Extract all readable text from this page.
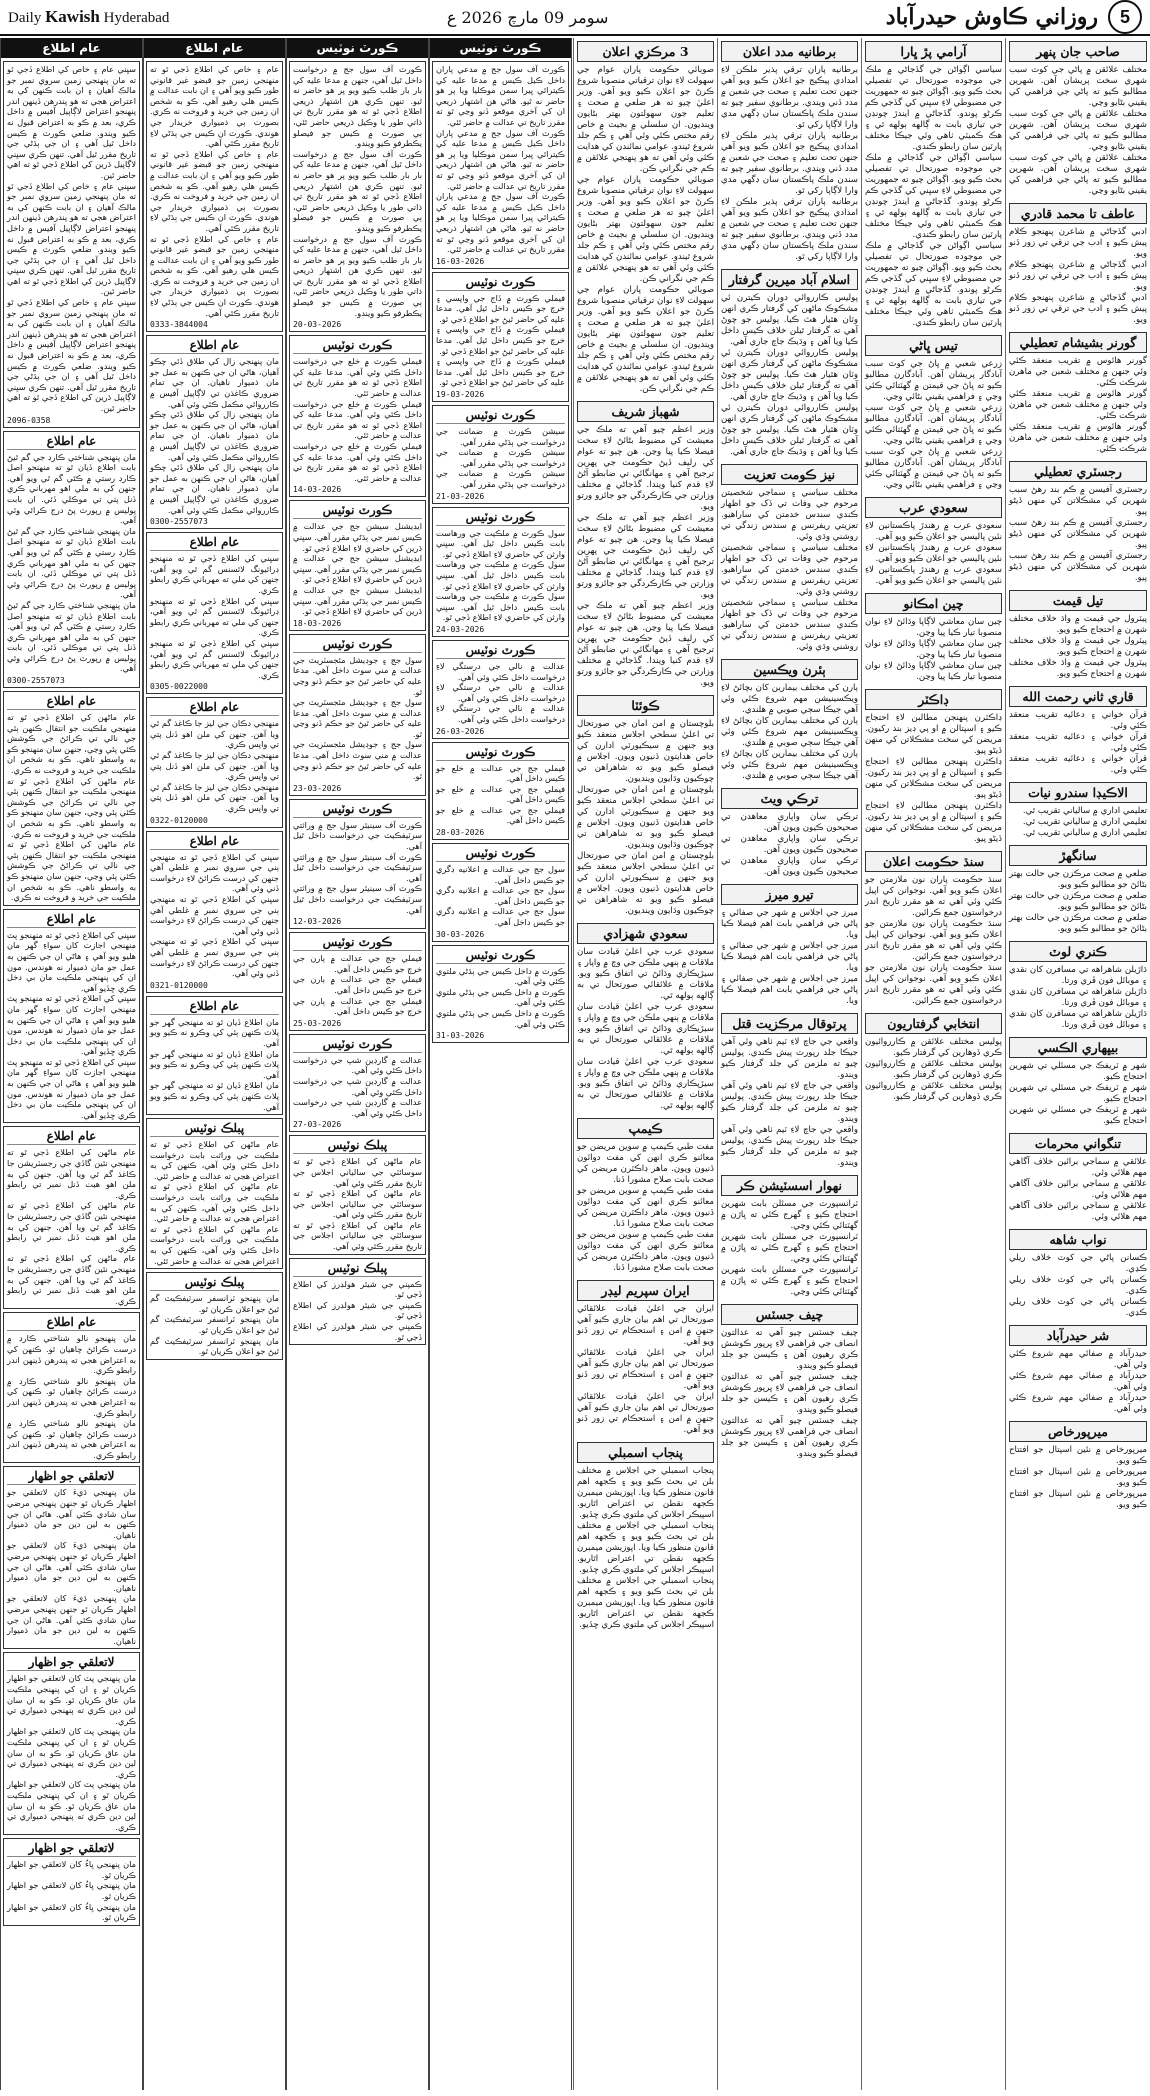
Daily Kawish Hyderabad	سومر 09 مارچ 2026 ع	5
روزاني ڪاوش حيدرآباد
عام اطلاع

سڀني عام ۽ خاص کي اطلاع ڏجي ٿو ته مان پنهنجي زمين سروي نمبر جو مالڪ آهيان ۽ ان بابت ڪنهن کي به اعتراض هجي ته هو پندرهن ڏينهن اندر پنهنجو اعتراض لاڳاپيل آفيس ۾ داخل ڪري، بعد ۾ ڪو به اعتراض قبول نه ڪيو ويندو. ضلعي ڪورٽ ۾ ڪيس داخل ٿيل آهي ۽ ان جي ٻڌڻي جي تاريخ مقرر ٿيل آهي. تنهن ڪري سڀني لاڳاپيل ڌرين کي اطلاع ڏجي ٿو ته اهي حاضر ٿين.

سڀني عام ۽ خاص کي اطلاع ڏجي ٿو ته مان پنهنجي زمين سروي نمبر جو مالڪ آهيان ۽ ان بابت ڪنهن کي به اعتراض هجي ته هو پندرهن ڏينهن اندر پنهنجو اعتراض لاڳاپيل آفيس ۾ داخل ڪري، بعد ۾ ڪو به اعتراض قبول نه ڪيو ويندو. ضلعي ڪورٽ ۾ ڪيس داخل ٿيل آهي ۽ ان جي ٻڌڻي جي تاريخ مقرر ٿيل آهي. تنهن ڪري سڀني لاڳاپيل ڌرين کي اطلاع ڏجي ٿو ته اهي حاضر ٿين.

سڀني عام ۽ خاص کي اطلاع ڏجي ٿو ته مان پنهنجي زمين سروي نمبر جو مالڪ آهيان ۽ ان بابت ڪنهن کي به اعتراض هجي ته هو پندرهن ڏينهن اندر پنهنجو اعتراض لاڳاپيل آفيس ۾ داخل ڪري، بعد ۾ ڪو به اعتراض قبول نه ڪيو ويندو. ضلعي ڪورٽ ۾ ڪيس داخل ٿيل آهي ۽ ان جي ٻڌڻي جي تاريخ مقرر ٿيل آهي. تنهن ڪري سڀني لاڳاپيل ڌرين کي اطلاع ڏجي ٿو ته اهي حاضر ٿين.

2096-0358
عام اطلاع

مان پنهنجي شناختي ڪارڊ جي گم ٿيڻ بابت اطلاع ڏيان ٿو ته منهنجو اصل ڪارڊ رستي ۾ ڪٿي گم ٿي ويو آهي. جنهن کي به ملي اهو مهرباني ڪري ڏنل پتي تي موڪلي ڏئي. ان بابت پوليس ۾ رپورٽ پڻ درج ڪرائي وئي آهي.

مان پنهنجي شناختي ڪارڊ جي گم ٿيڻ بابت اطلاع ڏيان ٿو ته منهنجو اصل ڪارڊ رستي ۾ ڪٿي گم ٿي ويو آهي. جنهن کي به ملي اهو مهرباني ڪري ڏنل پتي تي موڪلي ڏئي. ان بابت پوليس ۾ رپورٽ پڻ درج ڪرائي وئي آهي.

مان پنهنجي شناختي ڪارڊ جي گم ٿيڻ بابت اطلاع ڏيان ٿو ته منهنجو اصل ڪارڊ رستي ۾ ڪٿي گم ٿي ويو آهي. جنهن کي به ملي اهو مهرباني ڪري ڏنل پتي تي موڪلي ڏئي. ان بابت پوليس ۾ رپورٽ پڻ درج ڪرائي وئي آهي.

0300-2557073
عام اطلاع

عام ماڻهن کي اطلاع ڏجي ٿو ته منهنجي ملڪيت جو انتقال ڪنهن ٻئي جي نالي تي ڪرائڻ جي ڪوشش ڪئي پئي وڃي، جنهن سان منهنجو ڪو به واسطو ناهي. ڪو به شخص ان ملڪيت جي خريد و فروخت نه ڪري.

عام ماڻهن کي اطلاع ڏجي ٿو ته منهنجي ملڪيت جو انتقال ڪنهن ٻئي جي نالي تي ڪرائڻ جي ڪوشش ڪئي پئي وڃي، جنهن سان منهنجو ڪو به واسطو ناهي. ڪو به شخص ان ملڪيت جي خريد و فروخت نه ڪري.

عام ماڻهن کي اطلاع ڏجي ٿو ته منهنجي ملڪيت جو انتقال ڪنهن ٻئي جي نالي تي ڪرائڻ جي ڪوشش ڪئي پئي وڃي، جنهن سان منهنجو ڪو به واسطو ناهي. ڪو به شخص ان ملڪيت جي خريد و فروخت نه ڪري.

عام اطلاع

سڀني کي اطلاع ڏجي ٿو ته منهنجو پٽ منهنجي اجازت کان سواءِ گهر مان هليو ويو آهي ۽ هاڻي ان جي ڪنهن به عمل جو مان ذميوار نه هوندس. مون ان کي پنهنجي ملڪيت مان بي دخل ڪري ڇڏيو آهي.

سڀني کي اطلاع ڏجي ٿو ته منهنجو پٽ منهنجي اجازت کان سواءِ گهر مان هليو ويو آهي ۽ هاڻي ان جي ڪنهن به عمل جو مان ذميوار نه هوندس. مون ان کي پنهنجي ملڪيت مان بي دخل ڪري ڇڏيو آهي.

سڀني کي اطلاع ڏجي ٿو ته منهنجو پٽ منهنجي اجازت کان سواءِ گهر مان هليو ويو آهي ۽ هاڻي ان جي ڪنهن به عمل جو مان ذميوار نه هوندس. مون ان کي پنهنجي ملڪيت مان بي دخل ڪري ڇڏيو آهي.

عام اطلاع

عام ماڻهن کي اطلاع ڏجي ٿو ته منهنجي نئين گاڏي جي رجسٽريشن جا ڪاغذ گم ٿي ويا آهن. جنهن کي به ملن اهو هيٺ ڏنل نمبر تي رابطو ڪري.

عام ماڻهن کي اطلاع ڏجي ٿو ته منهنجي نئين گاڏي جي رجسٽريشن جا ڪاغذ گم ٿي ويا آهن. جنهن کي به ملن اهو هيٺ ڏنل نمبر تي رابطو ڪري.

عام ماڻهن کي اطلاع ڏجي ٿو ته منهنجي نئين گاڏي جي رجسٽريشن جا ڪاغذ گم ٿي ويا آهن. جنهن کي به ملن اهو هيٺ ڏنل نمبر تي رابطو ڪري.

عام اطلاع

مان پنهنجو نالو شناختي ڪارڊ ۾ درست ڪرائڻ چاهيان ٿو. ڪنهن کي به اعتراض هجي ته پندرهن ڏينهن اندر رابطو ڪري.

مان پنهنجو نالو شناختي ڪارڊ ۾ درست ڪرائڻ چاهيان ٿو. ڪنهن کي به اعتراض هجي ته پندرهن ڏينهن اندر رابطو ڪري.

مان پنهنجو نالو شناختي ڪارڊ ۾ درست ڪرائڻ چاهيان ٿو. ڪنهن کي به اعتراض هجي ته پندرهن ڏينهن اندر رابطو ڪري.

لاتعلقي جو اظهار

مان پنهنجي ڌيءَ کان لاتعلقي جو اظهار ڪريان ٿو جنهن پنهنجي مرضي سان شادي ڪئي آهي. هاڻي ان جي ڪنهن به لين دين جو مان ذميوار ناهيان.

مان پنهنجي ڌيءَ کان لاتعلقي جو اظهار ڪريان ٿو جنهن پنهنجي مرضي سان شادي ڪئي آهي. هاڻي ان جي ڪنهن به لين دين جو مان ذميوار ناهيان.

مان پنهنجي ڌيءَ کان لاتعلقي جو اظهار ڪريان ٿو جنهن پنهنجي مرضي سان شادي ڪئي آهي. هاڻي ان جي ڪنهن به لين دين جو مان ذميوار ناهيان.

لاتعلقي جو اظهار

مان پنهنجي پٽ کان لاتعلقي جو اظهار ڪريان ٿو ۽ ان کي پنهنجي ملڪيت مان عاق ڪريان ٿو. ڪو به ان سان لين دين ڪري ته پنهنجي ذميواري تي ڪري.

مان پنهنجي پٽ کان لاتعلقي جو اظهار ڪريان ٿو ۽ ان کي پنهنجي ملڪيت مان عاق ڪريان ٿو. ڪو به ان سان لين دين ڪري ته پنهنجي ذميواري تي ڪري.

مان پنهنجي پٽ کان لاتعلقي جو اظهار ڪريان ٿو ۽ ان کي پنهنجي ملڪيت مان عاق ڪريان ٿو. ڪو به ان سان لين دين ڪري ته پنهنجي ذميواري تي ڪري.

لاتعلقي جو اظهار

مان پنهنجي ڀاءُ کان لاتعلقي جو اظهار ڪريان ٿو.

مان پنهنجي ڀاءُ کان لاتعلقي جو اظهار ڪريان ٿو.

مان پنهنجي ڀاءُ کان لاتعلقي جو اظهار ڪريان ٿو.

عام اطلاع

عام ۽ خاص کي اطلاع ڏجي ٿو ته منهنجي زمين جو قبضو غير قانوني طور ڪيو ويو آهي ۽ ان بابت عدالت ۾ ڪيس هلي رهيو آهي. ڪو به شخص ان زمين جي خريد و فروخت نه ڪري. بصورت ٻي ذميواري خريدار جي هوندي. ڪورٽ ان ڪيس جي ٻڌڻي لاءِ تاريخ مقرر ڪئي آهي.

عام ۽ خاص کي اطلاع ڏجي ٿو ته منهنجي زمين جو قبضو غير قانوني طور ڪيو ويو آهي ۽ ان بابت عدالت ۾ ڪيس هلي رهيو آهي. ڪو به شخص ان زمين جي خريد و فروخت نه ڪري. بصورت ٻي ذميواري خريدار جي هوندي. ڪورٽ ان ڪيس جي ٻڌڻي لاءِ تاريخ مقرر ڪئي آهي.

عام ۽ خاص کي اطلاع ڏجي ٿو ته منهنجي زمين جو قبضو غير قانوني طور ڪيو ويو آهي ۽ ان بابت عدالت ۾ ڪيس هلي رهيو آهي. ڪو به شخص ان زمين جي خريد و فروخت نه ڪري. بصورت ٻي ذميواري خريدار جي هوندي. ڪورٽ ان ڪيس جي ٻڌڻي لاءِ تاريخ مقرر ڪئي آهي.

0333-3844004
عام اطلاع

مان پنهنجي زال کي طلاق ڏئي چڪو آهيان، هاڻي ان جي ڪنهن به عمل جو مان ذميوار ناهيان. ان جي تمام ضروري ڪاغذن تي لاڳاپيل آفيس ۾ ڪارروائي مڪمل ڪئي وئي آهي.

مان پنهنجي زال کي طلاق ڏئي چڪو آهيان، هاڻي ان جي ڪنهن به عمل جو مان ذميوار ناهيان. ان جي تمام ضروري ڪاغذن تي لاڳاپيل آفيس ۾ ڪارروائي مڪمل ڪئي وئي آهي.

مان پنهنجي زال کي طلاق ڏئي چڪو آهيان، هاڻي ان جي ڪنهن به عمل جو مان ذميوار ناهيان. ان جي تمام ضروري ڪاغذن تي لاڳاپيل آفيس ۾ ڪارروائي مڪمل ڪئي وئي آهي.

0300-2557073
عام اطلاع

سڀني کي اطلاع ڏجي ٿو ته منهنجو ڊرائيونگ لائسنس گم ٿي ويو آهي، جنهن کي ملي ته مهرباني ڪري رابطو ڪري.

سڀني کي اطلاع ڏجي ٿو ته منهنجو ڊرائيونگ لائسنس گم ٿي ويو آهي، جنهن کي ملي ته مهرباني ڪري رابطو ڪري.

سڀني کي اطلاع ڏجي ٿو ته منهنجو ڊرائيونگ لائسنس گم ٿي ويو آهي، جنهن کي ملي ته مهرباني ڪري رابطو ڪري.

0305-0022000
عام اطلاع

منهنجي دڪان جي ليز جا ڪاغذ گم ٿي ويا آهن. جنهن کي ملن اهو ڏنل پتي تي واپس ڪري.

منهنجي دڪان جي ليز جا ڪاغذ گم ٿي ويا آهن. جنهن کي ملن اهو ڏنل پتي تي واپس ڪري.

منهنجي دڪان جي ليز جا ڪاغذ گم ٿي ويا آهن. جنهن کي ملن اهو ڏنل پتي تي واپس ڪري.

0322-0120000
عام اطلاع

سڀني کي اطلاع ڏجي ٿو ته منهنجي ٻني جي سروي نمبر ۾ غلطي آهي جنهن کي درست ڪرائڻ لاءِ درخواست ڏني وئي آهي.

سڀني کي اطلاع ڏجي ٿو ته منهنجي ٻني جي سروي نمبر ۾ غلطي آهي جنهن کي درست ڪرائڻ لاءِ درخواست ڏني وئي آهي.

سڀني کي اطلاع ڏجي ٿو ته منهنجي ٻني جي سروي نمبر ۾ غلطي آهي جنهن کي درست ڪرائڻ لاءِ درخواست ڏني وئي آهي.

0321-0120000
عام اطلاع

مان اطلاع ڏيان ٿو ته منهنجي گهر جو پلاٽ ڪنهن ٻئي کي وڪرو نه ڪيو ويو آهي.

مان اطلاع ڏيان ٿو ته منهنجي گهر جو پلاٽ ڪنهن ٻئي کي وڪرو نه ڪيو ويو آهي.

مان اطلاع ڏيان ٿو ته منهنجي گهر جو پلاٽ ڪنهن ٻئي کي وڪرو نه ڪيو ويو آهي.

پبلڪ نوٽيس

عام ماڻهن کي اطلاع ڏجي ٿو ته ملڪيت جي وراثت بابت درخواست داخل ڪئي وئي آهي، ڪنهن کي به اعتراض هجي ته عدالت ۾ حاضر ٿئي.

عام ماڻهن کي اطلاع ڏجي ٿو ته ملڪيت جي وراثت بابت درخواست داخل ڪئي وئي آهي، ڪنهن کي به اعتراض هجي ته عدالت ۾ حاضر ٿئي.

عام ماڻهن کي اطلاع ڏجي ٿو ته ملڪيت جي وراثت بابت درخواست داخل ڪئي وئي آهي، ڪنهن کي به اعتراض هجي ته عدالت ۾ حاضر ٿئي.

پبلڪ نوٽيس

مان پنهنجو ٽرانسفر سرٽيفڪيٽ گم ٿيڻ جو اعلان ڪريان ٿو.

مان پنهنجو ٽرانسفر سرٽيفڪيٽ گم ٿيڻ جو اعلان ڪريان ٿو.

مان پنهنجو ٽرانسفر سرٽيفڪيٽ گم ٿيڻ جو اعلان ڪريان ٿو.

ڪورٽ نوٽيس

ڪورٽ آف سول جج ۾ درخواست داخل ٿيل آهي، جنهن ۾ مدعا عليه کي بار بار طلب ڪيو ويو پر هو حاضر نه ٿيو. تنهن ڪري هن اشتهار ذريعي اطلاع ڏجي ٿو ته هو مقرر تاريخ تي ذاتي طور يا وڪيل ذريعي حاضر ٿئي، ٻي صورت ۾ ڪيس جو فيصلو يڪطرفو ڪيو ويندو.

ڪورٽ آف سول جج ۾ درخواست داخل ٿيل آهي، جنهن ۾ مدعا عليه کي بار بار طلب ڪيو ويو پر هو حاضر نه ٿيو. تنهن ڪري هن اشتهار ذريعي اطلاع ڏجي ٿو ته هو مقرر تاريخ تي ذاتي طور يا وڪيل ذريعي حاضر ٿئي، ٻي صورت ۾ ڪيس جو فيصلو يڪطرفو ڪيو ويندو.

ڪورٽ آف سول جج ۾ درخواست داخل ٿيل آهي، جنهن ۾ مدعا عليه کي بار بار طلب ڪيو ويو پر هو حاضر نه ٿيو. تنهن ڪري هن اشتهار ذريعي اطلاع ڏجي ٿو ته هو مقرر تاريخ تي ذاتي طور يا وڪيل ذريعي حاضر ٿئي، ٻي صورت ۾ ڪيس جو فيصلو يڪطرفو ڪيو ويندو.

20-03-2026
ڪورٽ نوٽيس

فيملي ڪورٽ ۾ خلع جي درخواست داخل ڪئي وئي آهي. مدعا عليه کي اطلاع ڏجي ٿو ته هو مقرر تاريخ تي عدالت ۾ حاضر ٿئي.

فيملي ڪورٽ ۾ خلع جي درخواست داخل ڪئي وئي آهي. مدعا عليه کي اطلاع ڏجي ٿو ته هو مقرر تاريخ تي عدالت ۾ حاضر ٿئي.

فيملي ڪورٽ ۾ خلع جي درخواست داخل ڪئي وئي آهي. مدعا عليه کي اطلاع ڏجي ٿو ته هو مقرر تاريخ تي عدالت ۾ حاضر ٿئي.

14-03-2026
ڪورٽ نوٽيس

ايڊيشنل سيشن جج جي عدالت ۾ ڪيس نمبر جي ٻڌڻي مقرر آهي. سڀني ڌرين کي حاضري لاءِ اطلاع ڏجي ٿو.

ايڊيشنل سيشن جج جي عدالت ۾ ڪيس نمبر جي ٻڌڻي مقرر آهي. سڀني ڌرين کي حاضري لاءِ اطلاع ڏجي ٿو.

ايڊيشنل سيشن جج جي عدالت ۾ ڪيس نمبر جي ٻڌڻي مقرر آهي. سڀني ڌرين کي حاضري لاءِ اطلاع ڏجي ٿو.

18-03-2026
ڪورٽ نوٽيس

سول جج ۽ جوڊيشل مئجسٽريٽ جي عدالت ۾ مني سوٽ داخل آهي. مدعا عليه کي حاضر ٿيڻ جو حڪم ڏنو وڃي ٿو.

سول جج ۽ جوڊيشل مئجسٽريٽ جي عدالت ۾ مني سوٽ داخل آهي. مدعا عليه کي حاضر ٿيڻ جو حڪم ڏنو وڃي ٿو.

سول جج ۽ جوڊيشل مئجسٽريٽ جي عدالت ۾ مني سوٽ داخل آهي. مدعا عليه کي حاضر ٿيڻ جو حڪم ڏنو وڃي ٿو.

23-03-2026
ڪورٽ نوٽيس

ڪورٽ آف سينيئر سول جج ۾ وراثتي سرٽيفڪيٽ جي درخواست داخل ٿيل آهي.

ڪورٽ آف سينيئر سول جج ۾ وراثتي سرٽيفڪيٽ جي درخواست داخل ٿيل آهي.

ڪورٽ آف سينيئر سول جج ۾ وراثتي سرٽيفڪيٽ جي درخواست داخل ٿيل آهي.

12-03-2026
ڪورٽ نوٽيس

فيملي جج جي عدالت ۾ ٻارن جي خرچ جو ڪيس داخل آهي.

فيملي جج جي عدالت ۾ ٻارن جي خرچ جو ڪيس داخل آهي.

فيملي جج جي عدالت ۾ ٻارن جي خرچ جو ڪيس داخل آهي.

25-03-2026
ڪورٽ نوٽيس

عدالت ۾ گارڊين شپ جي درخواست داخل ڪئي وئي آهي.

عدالت ۾ گارڊين شپ جي درخواست داخل ڪئي وئي آهي.

عدالت ۾ گارڊين شپ جي درخواست داخل ڪئي وئي آهي.

27-03-2026
پبلڪ نوٽيس

عام ماڻهن کي اطلاع ڏجي ٿو ته سوسائٽي جي سالياني اجلاس جي تاريخ مقرر ڪئي وئي آهي.

عام ماڻهن کي اطلاع ڏجي ٿو ته سوسائٽي جي سالياني اجلاس جي تاريخ مقرر ڪئي وئي آهي.

عام ماڻهن کي اطلاع ڏجي ٿو ته سوسائٽي جي سالياني اجلاس جي تاريخ مقرر ڪئي وئي آهي.

پبلڪ نوٽيس

ڪمپني جي شيئر هولڊرز کي اطلاع ڏجي ٿو.

ڪمپني جي شيئر هولڊرز کي اطلاع ڏجي ٿو.

ڪمپني جي شيئر هولڊرز کي اطلاع ڏجي ٿو.

ڪورٽ نوٽيس

ڪورٽ آف سول جج ۾ مدعي پاران داخل ڪيل ڪيس ۾ مدعا عليه کي ڪيترائي ڀيرا سمن موڪليا ويا پر هو حاضر نه ٿيو. هاڻي هن اشتهار ذريعي ان کي آخري موقعو ڏنو وڃي ٿو ته مقرر تاريخ تي عدالت ۾ حاضر ٿئي.

ڪورٽ آف سول جج ۾ مدعي پاران داخل ڪيل ڪيس ۾ مدعا عليه کي ڪيترائي ڀيرا سمن موڪليا ويا پر هو حاضر نه ٿيو. هاڻي هن اشتهار ذريعي ان کي آخري موقعو ڏنو وڃي ٿو ته مقرر تاريخ تي عدالت ۾ حاضر ٿئي.

ڪورٽ آف سول جج ۾ مدعي پاران داخل ڪيل ڪيس ۾ مدعا عليه کي ڪيترائي ڀيرا سمن موڪليا ويا پر هو حاضر نه ٿيو. هاڻي هن اشتهار ذريعي ان کي آخري موقعو ڏنو وڃي ٿو ته مقرر تاريخ تي عدالت ۾ حاضر ٿئي.

16-03-2026
ڪورٽ نوٽيس

فيملي ڪورٽ ۾ ڏاج جي واپسي ۽ خرچ جو ڪيس داخل ٿيل آهي. مدعا عليه کي حاضر ٿيڻ جو اطلاع ڏجي ٿو.

فيملي ڪورٽ ۾ ڏاج جي واپسي ۽ خرچ جو ڪيس داخل ٿيل آهي. مدعا عليه کي حاضر ٿيڻ جو اطلاع ڏجي ٿو.

فيملي ڪورٽ ۾ ڏاج جي واپسي ۽ خرچ جو ڪيس داخل ٿيل آهي. مدعا عليه کي حاضر ٿيڻ جو اطلاع ڏجي ٿو.

19-03-2026
ڪورٽ نوٽيس

سيشن ڪورٽ ۾ ضمانت جي درخواست جي ٻڌڻي مقرر آهي.

سيشن ڪورٽ ۾ ضمانت جي درخواست جي ٻڌڻي مقرر آهي.

سيشن ڪورٽ ۾ ضمانت جي درخواست جي ٻڌڻي مقرر آهي.

21-03-2026
ڪورٽ نوٽيس

سول ڪورٽ ۾ ملڪيت جي ورهاست بابت ڪيس داخل ٿيل آهي. سڀني وارثن کي حاضري لاءِ اطلاع ڏجي ٿو.

سول ڪورٽ ۾ ملڪيت جي ورهاست بابت ڪيس داخل ٿيل آهي. سڀني وارثن کي حاضري لاءِ اطلاع ڏجي ٿو.

سول ڪورٽ ۾ ملڪيت جي ورهاست بابت ڪيس داخل ٿيل آهي. سڀني وارثن کي حاضري لاءِ اطلاع ڏجي ٿو.

24-03-2026
ڪورٽ نوٽيس

عدالت ۾ نالي جي درستگي لاءِ درخواست داخل ڪئي وئي آهي.

عدالت ۾ نالي جي درستگي لاءِ درخواست داخل ڪئي وئي آهي.

عدالت ۾ نالي جي درستگي لاءِ درخواست داخل ڪئي وئي آهي.

26-03-2026
ڪورٽ نوٽيس

فيملي جج جي عدالت ۾ خلع جو ڪيس داخل آهي.

فيملي جج جي عدالت ۾ خلع جو ڪيس داخل آهي.

فيملي جج جي عدالت ۾ خلع جو ڪيس داخل آهي.

28-03-2026
ڪورٽ نوٽيس

سول جج جي عدالت ۾ اعلانيه ڊگري جو ڪيس داخل آهي.

سول جج جي عدالت ۾ اعلانيه ڊگري جو ڪيس داخل آهي.

سول جج جي عدالت ۾ اعلانيه ڊگري جو ڪيس داخل آهي.

30-03-2026
ڪورٽ نوٽيس

ڪورٽ ۾ داخل ڪيس جي ٻڌڻي ملتوي ڪئي وئي آهي.

ڪورٽ ۾ داخل ڪيس جي ٻڌڻي ملتوي ڪئي وئي آهي.

ڪورٽ ۾ داخل ڪيس جي ٻڌڻي ملتوي ڪئي وئي آهي.

31-03-2026
3 مرڪزي اعلان

صوبائي حڪومت پاران عوام جي سهولت لاءِ نوان ترقياتي منصوبا شروع ڪرڻ جو اعلان ڪيو ويو آهي. وزير اعليٰ چيو ته هر ضلعي ۾ صحت ۽ تعليم جون سهولتون بهتر بڻايون وينديون. ان سلسلي ۾ بجيٽ ۾ خاص رقم مختص ڪئي وئي آهي ۽ ڪم جلد شروع ٿيندو. عوامي نمائندن کي هدايت ڪئي وئي آهي ته هو پنهنجي علائقن ۾ ڪم جي نگراني ڪن.

صوبائي حڪومت پاران عوام جي سهولت لاءِ نوان ترقياتي منصوبا شروع ڪرڻ جو اعلان ڪيو ويو آهي. وزير اعليٰ چيو ته هر ضلعي ۾ صحت ۽ تعليم جون سهولتون بهتر بڻايون وينديون. ان سلسلي ۾ بجيٽ ۾ خاص رقم مختص ڪئي وئي آهي ۽ ڪم جلد شروع ٿيندو. عوامي نمائندن کي هدايت ڪئي وئي آهي ته هو پنهنجي علائقن ۾ ڪم جي نگراني ڪن.

صوبائي حڪومت پاران عوام جي سهولت لاءِ نوان ترقياتي منصوبا شروع ڪرڻ جو اعلان ڪيو ويو آهي. وزير اعليٰ چيو ته هر ضلعي ۾ صحت ۽ تعليم جون سهولتون بهتر بڻايون وينديون. ان سلسلي ۾ بجيٽ ۾ خاص رقم مختص ڪئي وئي آهي ۽ ڪم جلد شروع ٿيندو. عوامي نمائندن کي هدايت ڪئي وئي آهي ته هو پنهنجي علائقن ۾ ڪم جي نگراني ڪن.

شهباز شريف

وزير اعظم چيو آهي ته ملڪ جي معيشت کي مضبوط بڻائڻ لاءِ سخت فيصلا ڪيا پيا وڃن. هن چيو ته عوام کي رليف ڏيڻ حڪومت جي پهرين ترجيح آهي ۽ مهانگائي تي ضابطو آڻڻ لاءِ قدم کنيا ويندا. گڏجاڻي ۾ مختلف وزارتن جي ڪارڪردگي جو جائزو ورتو ويو.

وزير اعظم چيو آهي ته ملڪ جي معيشت کي مضبوط بڻائڻ لاءِ سخت فيصلا ڪيا پيا وڃن. هن چيو ته عوام کي رليف ڏيڻ حڪومت جي پهرين ترجيح آهي ۽ مهانگائي تي ضابطو آڻڻ لاءِ قدم کنيا ويندا. گڏجاڻي ۾ مختلف وزارتن جي ڪارڪردگي جو جائزو ورتو ويو.

وزير اعظم چيو آهي ته ملڪ جي معيشت کي مضبوط بڻائڻ لاءِ سخت فيصلا ڪيا پيا وڃن. هن چيو ته عوام کي رليف ڏيڻ حڪومت جي پهرين ترجيح آهي ۽ مهانگائي تي ضابطو آڻڻ لاءِ قدم کنيا ويندا. گڏجاڻي ۾ مختلف وزارتن جي ڪارڪردگي جو جائزو ورتو ويو.

ڪوئٽا

بلوچستان ۾ امن امان جي صورتحال تي اعليٰ سطحي اجلاس منعقد ڪيو ويو جنهن ۾ سيڪيورٽي ادارن کي خاص هدايتون ڏنيون ويون. اجلاس ۾ فيصلو ڪيو ويو ته شاهراهن تي چوڪيون وڌايون وينديون.

بلوچستان ۾ امن امان جي صورتحال تي اعليٰ سطحي اجلاس منعقد ڪيو ويو جنهن ۾ سيڪيورٽي ادارن کي خاص هدايتون ڏنيون ويون. اجلاس ۾ فيصلو ڪيو ويو ته شاهراهن تي چوڪيون وڌايون وينديون.

بلوچستان ۾ امن امان جي صورتحال تي اعليٰ سطحي اجلاس منعقد ڪيو ويو جنهن ۾ سيڪيورٽي ادارن کي خاص هدايتون ڏنيون ويون. اجلاس ۾ فيصلو ڪيو ويو ته شاهراهن تي چوڪيون وڌايون وينديون.

سعودي شهزادي

سعودي عرب جي اعليٰ قيادت سان ملاقات ۾ ٻنهي ملڪن جي وچ ۾ واپار ۽ سيڙپڪاري وڌائڻ تي اتفاق ڪيو ويو. ملاقات ۾ علائقائي صورتحال تي به ڳالهه ٻولهه ٿي.

سعودي عرب جي اعليٰ قيادت سان ملاقات ۾ ٻنهي ملڪن جي وچ ۾ واپار ۽ سيڙپڪاري وڌائڻ تي اتفاق ڪيو ويو. ملاقات ۾ علائقائي صورتحال تي به ڳالهه ٻولهه ٿي.

سعودي عرب جي اعليٰ قيادت سان ملاقات ۾ ٻنهي ملڪن جي وچ ۾ واپار ۽ سيڙپڪاري وڌائڻ تي اتفاق ڪيو ويو. ملاقات ۾ علائقائي صورتحال تي به ڳالهه ٻولهه ٿي.

ڪيمپ

مفت طبي ڪيمپ ۾ سوين مريضن جو معائنو ڪري انهن کي مفت دوائون ڏنيون ويون. ماهر ڊاڪٽرن مريضن کي صحت بابت صلاح مشورا ڏنا.

مفت طبي ڪيمپ ۾ سوين مريضن جو معائنو ڪري انهن کي مفت دوائون ڏنيون ويون. ماهر ڊاڪٽرن مريضن کي صحت بابت صلاح مشورا ڏنا.

مفت طبي ڪيمپ ۾ سوين مريضن جو معائنو ڪري انهن کي مفت دوائون ڏنيون ويون. ماهر ڊاڪٽرن مريضن کي صحت بابت صلاح مشورا ڏنا.

ايران سپريم ليڊر

ايران جي اعليٰ قيادت علائقائي صورتحال تي اهم بيان جاري ڪيو آهي جنهن ۾ امن ۽ استحڪام تي زور ڏنو ويو آهي.

ايران جي اعليٰ قيادت علائقائي صورتحال تي اهم بيان جاري ڪيو آهي جنهن ۾ امن ۽ استحڪام تي زور ڏنو ويو آهي.

ايران جي اعليٰ قيادت علائقائي صورتحال تي اهم بيان جاري ڪيو آهي جنهن ۾ امن ۽ استحڪام تي زور ڏنو ويو آهي.

پنجاب اسمبلي

پنجاب اسمبلي جي اجلاس ۾ مختلف بلن تي بحث ڪيو ويو ۽ ڪجهه اهم قانون منظور ڪيا ويا. اپوزيشن ميمبرن ڪجهه نقطن تي اعتراض اٿاريو. اسپيڪر اجلاس کي ملتوي ڪري ڇڏيو.

پنجاب اسمبلي جي اجلاس ۾ مختلف بلن تي بحث ڪيو ويو ۽ ڪجهه اهم قانون منظور ڪيا ويا. اپوزيشن ميمبرن ڪجهه نقطن تي اعتراض اٿاريو. اسپيڪر اجلاس کي ملتوي ڪري ڇڏيو.

پنجاب اسمبلي جي اجلاس ۾ مختلف بلن تي بحث ڪيو ويو ۽ ڪجهه اهم قانون منظور ڪيا ويا. اپوزيشن ميمبرن ڪجهه نقطن تي اعتراض اٿاريو. اسپيڪر اجلاس کي ملتوي ڪري ڇڏيو.

برطانيه مدد اعلان

برطانيه پاران ترقي پذير ملڪن لاءِ امدادي پيڪيج جو اعلان ڪيو ويو آهي جنهن تحت تعليم ۽ صحت جي شعبن ۾ مدد ڏني ويندي. برطانوي سفير چيو ته سندن ملڪ پاڪستان سان ڊگهي مدي وارا لاڳاپا رکي ٿو.

برطانيه پاران ترقي پذير ملڪن لاءِ امدادي پيڪيج جو اعلان ڪيو ويو آهي جنهن تحت تعليم ۽ صحت جي شعبن ۾ مدد ڏني ويندي. برطانوي سفير چيو ته سندن ملڪ پاڪستان سان ڊگهي مدي وارا لاڳاپا رکي ٿو.

برطانيه پاران ترقي پذير ملڪن لاءِ امدادي پيڪيج جو اعلان ڪيو ويو آهي جنهن تحت تعليم ۽ صحت جي شعبن ۾ مدد ڏني ويندي. برطانوي سفير چيو ته سندن ملڪ پاڪستان سان ڊگهي مدي وارا لاڳاپا رکي ٿو.

اسلام آباد ميرين گرفتار

پوليس ڪارروائي دوران ڪيترن ئي مشڪوڪ ماڻهن کي گرفتار ڪري انهن وٽان هٿيار هٿ ڪيا. پوليس جو چوڻ آهي ته گرفتار ٿيلن خلاف ڪيس داخل ڪيا ويا آهن ۽ وڌيڪ جاچ جاري آهي.

پوليس ڪارروائي دوران ڪيترن ئي مشڪوڪ ماڻهن کي گرفتار ڪري انهن وٽان هٿيار هٿ ڪيا. پوليس جو چوڻ آهي ته گرفتار ٿيلن خلاف ڪيس داخل ڪيا ويا آهن ۽ وڌيڪ جاچ جاري آهي.

پوليس ڪارروائي دوران ڪيترن ئي مشڪوڪ ماڻهن کي گرفتار ڪري انهن وٽان هٿيار هٿ ڪيا. پوليس جو چوڻ آهي ته گرفتار ٿيلن خلاف ڪيس داخل ڪيا ويا آهن ۽ وڌيڪ جاچ جاري آهي.

نيز ڪومت تعزيت

مختلف سياسي ۽ سماجي شخصيتن مرحوم جي وفات تي ڏک جو اظهار ڪندي سندس خدمتن کي ساراهيو. تعزيتي ريفرنس ۾ سندس زندگي تي روشني وڌي وئي.

مختلف سياسي ۽ سماجي شخصيتن مرحوم جي وفات تي ڏک جو اظهار ڪندي سندس خدمتن کي ساراهيو. تعزيتي ريفرنس ۾ سندس زندگي تي روشني وڌي وئي.

مختلف سياسي ۽ سماجي شخصيتن مرحوم جي وفات تي ڏک جو اظهار ڪندي سندس خدمتن کي ساراهيو. تعزيتي ريفرنس ۾ سندس زندگي تي روشني وڌي وئي.

ٻئرن ويڪسين

ٻارن کي مختلف بيمارين کان بچائڻ لاءِ ويڪسينيشن مهم شروع ڪئي وئي آهي جيڪا سڄي صوبي ۾ هلندي.

ٻارن کي مختلف بيمارين کان بچائڻ لاءِ ويڪسينيشن مهم شروع ڪئي وئي آهي جيڪا سڄي صوبي ۾ هلندي.

ٻارن کي مختلف بيمارين کان بچائڻ لاءِ ويڪسينيشن مهم شروع ڪئي وئي آهي جيڪا سڄي صوبي ۾ هلندي.

ترڪي ويٽ

ترڪي سان واپاري معاهدن تي صحيحون ڪيون ويون آهن.

ترڪي سان واپاري معاهدن تي صحيحون ڪيون ويون آهن.

ترڪي سان واپاري معاهدن تي صحيحون ڪيون ويون آهن.

تيرو ميرز

ميرز جي اجلاس ۾ شهر جي صفائي ۽ پاڻي جي فراهمي بابت اهم فيصلا ڪيا ويا.

ميرز جي اجلاس ۾ شهر جي صفائي ۽ پاڻي جي فراهمي بابت اهم فيصلا ڪيا ويا.

ميرز جي اجلاس ۾ شهر جي صفائي ۽ پاڻي جي فراهمي بابت اهم فيصلا ڪيا ويا.

پرتوقال مرڪزيت قتل

واقعي جي جاچ لاءِ ٽيم ٺاهي وئي آهي جيڪا جلد رپورٽ پيش ڪندي. پوليس چيو ته ملزمن کي جلد گرفتار ڪيو ويندو.

واقعي جي جاچ لاءِ ٽيم ٺاهي وئي آهي جيڪا جلد رپورٽ پيش ڪندي. پوليس چيو ته ملزمن کي جلد گرفتار ڪيو ويندو.

واقعي جي جاچ لاءِ ٽيم ٺاهي وئي آهي جيڪا جلد رپورٽ پيش ڪندي. پوليس چيو ته ملزمن کي جلد گرفتار ڪيو ويندو.

نهوار اسسٽيشن ڪر

ٽرانسپورٽ جي مسئلن بابت شهرين احتجاج ڪيو ۽ گهرج ڪئي ته ڀاڙن ۾ گهٽتائي ڪئي وڃي.

ٽرانسپورٽ جي مسئلن بابت شهرين احتجاج ڪيو ۽ گهرج ڪئي ته ڀاڙن ۾ گهٽتائي ڪئي وڃي.

ٽرانسپورٽ جي مسئلن بابت شهرين احتجاج ڪيو ۽ گهرج ڪئي ته ڀاڙن ۾ گهٽتائي ڪئي وڃي.

چيف جسٽس

چيف جسٽس چيو آهي ته عدالتون انصاف جي فراهمي لاءِ ڀرپور ڪوشش ڪري رهيون آهن ۽ ڪيسن جو جلد فيصلو ڪيو ويندو.

چيف جسٽس چيو آهي ته عدالتون انصاف جي فراهمي لاءِ ڀرپور ڪوشش ڪري رهيون آهن ۽ ڪيسن جو جلد فيصلو ڪيو ويندو.

چيف جسٽس چيو آهي ته عدالتون انصاف جي فراهمي لاءِ ڀرپور ڪوشش ڪري رهيون آهن ۽ ڪيسن جو جلد فيصلو ڪيو ويندو.

آرامي پڙ ڀارا

سياسي اڳواڻن جي گڏجاڻي ۾ ملڪ جي موجوده صورتحال تي تفصيلي بحث ڪيو ويو. اڳواڻن چيو ته جمهوريت جي مضبوطي لاءِ سڀني کي گڏجي ڪم ڪرڻو پوندو. گڏجاڻي ۾ ايندڙ چونڊن جي تياري بابت به ڳالهه ٻولهه ٿي ۽ هڪ ڪميٽي ٺاهي وئي جيڪا مختلف پارٽين سان رابطو ڪندي.

سياسي اڳواڻن جي گڏجاڻي ۾ ملڪ جي موجوده صورتحال تي تفصيلي بحث ڪيو ويو. اڳواڻن چيو ته جمهوريت جي مضبوطي لاءِ سڀني کي گڏجي ڪم ڪرڻو پوندو. گڏجاڻي ۾ ايندڙ چونڊن جي تياري بابت به ڳالهه ٻولهه ٿي ۽ هڪ ڪميٽي ٺاهي وئي جيڪا مختلف پارٽين سان رابطو ڪندي.

سياسي اڳواڻن جي گڏجاڻي ۾ ملڪ جي موجوده صورتحال تي تفصيلي بحث ڪيو ويو. اڳواڻن چيو ته جمهوريت جي مضبوطي لاءِ سڀني کي گڏجي ڪم ڪرڻو پوندو. گڏجاڻي ۾ ايندڙ چونڊن جي تياري بابت به ڳالهه ٻولهه ٿي ۽ هڪ ڪميٽي ٺاهي وئي جيڪا مختلف پارٽين سان رابطو ڪندي.

تيس ڀاڻي

زرعي شعبي ۾ ڀاڻ جي کوٽ سبب آبادگار پريشان آهن. آبادگارن مطالبو ڪيو ته ڀاڻ جي قيمتن ۾ گهٽتائي ڪئي وڃي ۽ فراهمي يقيني بڻائي وڃي.

زرعي شعبي ۾ ڀاڻ جي کوٽ سبب آبادگار پريشان آهن. آبادگارن مطالبو ڪيو ته ڀاڻ جي قيمتن ۾ گهٽتائي ڪئي وڃي ۽ فراهمي يقيني بڻائي وڃي.

زرعي شعبي ۾ ڀاڻ جي کوٽ سبب آبادگار پريشان آهن. آبادگارن مطالبو ڪيو ته ڀاڻ جي قيمتن ۾ گهٽتائي ڪئي وڃي ۽ فراهمي يقيني بڻائي وڃي.

سعودي عرب

سعودي عرب ۾ رهندڙ پاڪستانين لاءِ نئين پاليسي جو اعلان ڪيو ويو آهي.

سعودي عرب ۾ رهندڙ پاڪستانين لاءِ نئين پاليسي جو اعلان ڪيو ويو آهي.

سعودي عرب ۾ رهندڙ پاڪستانين لاءِ نئين پاليسي جو اعلان ڪيو ويو آهي.

چين امڪانو

چين سان معاشي لاڳاپا وڌائڻ لاءِ نوان منصوبا تيار ڪيا پيا وڃن.

چين سان معاشي لاڳاپا وڌائڻ لاءِ نوان منصوبا تيار ڪيا پيا وڃن.

چين سان معاشي لاڳاپا وڌائڻ لاءِ نوان منصوبا تيار ڪيا پيا وڃن.

ڊاڪٽر

ڊاڪٽرن پنهنجن مطالبن لاءِ احتجاج ڪيو ۽ اسپتالن ۾ او پي ڊيز بند رکيون. مريضن کي سخت مشڪلاتن کي منهن ڏيڻو پيو.

ڊاڪٽرن پنهنجن مطالبن لاءِ احتجاج ڪيو ۽ اسپتالن ۾ او پي ڊيز بند رکيون. مريضن کي سخت مشڪلاتن کي منهن ڏيڻو پيو.

ڊاڪٽرن پنهنجن مطالبن لاءِ احتجاج ڪيو ۽ اسپتالن ۾ او پي ڊيز بند رکيون. مريضن کي سخت مشڪلاتن کي منهن ڏيڻو پيو.

سنڌ حڪومت اعلان

سنڌ حڪومت پاران نون ملازمتن جو اعلان ڪيو ويو آهي. نوجوانن کي اپيل ڪئي وئي آهي ته هو مقرر تاريخ اندر درخواستون جمع ڪرائين.

سنڌ حڪومت پاران نون ملازمتن جو اعلان ڪيو ويو آهي. نوجوانن کي اپيل ڪئي وئي آهي ته هو مقرر تاريخ اندر درخواستون جمع ڪرائين.

سنڌ حڪومت پاران نون ملازمتن جو اعلان ڪيو ويو آهي. نوجوانن کي اپيل ڪئي وئي آهي ته هو مقرر تاريخ اندر درخواستون جمع ڪرائين.

انتخابي گرفتاريون

پوليس مختلف علائقن ۾ ڪارروائيون ڪري ڏوهارين کي گرفتار ڪيو.

پوليس مختلف علائقن ۾ ڪارروائيون ڪري ڏوهارين کي گرفتار ڪيو.

پوليس مختلف علائقن ۾ ڪارروائيون ڪري ڏوهارين کي گرفتار ڪيو.

صاحب جان پنهر

مختلف علائقن ۾ پاڻي جي کوٽ سبب شهري سخت پريشان آهن. شهرين مطالبو ڪيو ته پاڻي جي فراهمي کي يقيني بڻايو وڃي.

مختلف علائقن ۾ پاڻي جي کوٽ سبب شهري سخت پريشان آهن. شهرين مطالبو ڪيو ته پاڻي جي فراهمي کي يقيني بڻايو وڃي.

مختلف علائقن ۾ پاڻي جي کوٽ سبب شهري سخت پريشان آهن. شهرين مطالبو ڪيو ته پاڻي جي فراهمي کي يقيني بڻايو وڃي.

عاطف تا محمد قادري

ادبي گڏجاڻي ۾ شاعرن پنهنجو ڪلام پيش ڪيو ۽ ادب جي ترقي تي زور ڏنو ويو.

ادبي گڏجاڻي ۾ شاعرن پنهنجو ڪلام پيش ڪيو ۽ ادب جي ترقي تي زور ڏنو ويو.

ادبي گڏجاڻي ۾ شاعرن پنهنجو ڪلام پيش ڪيو ۽ ادب جي ترقي تي زور ڏنو ويو.

گورنر بشيشام تعطيلي

گورنر هائوس ۾ تقريب منعقد ڪئي وئي جنهن ۾ مختلف شعبن جي ماهرن شرڪت ڪئي.

گورنر هائوس ۾ تقريب منعقد ڪئي وئي جنهن ۾ مختلف شعبن جي ماهرن شرڪت ڪئي.

گورنر هائوس ۾ تقريب منعقد ڪئي وئي جنهن ۾ مختلف شعبن جي ماهرن شرڪت ڪئي.

رجسٽري تعطيلي

رجسٽري آفيسن ۾ ڪم بند رهڻ سبب شهرين کي مشڪلاتن کي منهن ڏيڻو پيو.

رجسٽري آفيسن ۾ ڪم بند رهڻ سبب شهرين کي مشڪلاتن کي منهن ڏيڻو پيو.

رجسٽري آفيسن ۾ ڪم بند رهڻ سبب شهرين کي مشڪلاتن کي منهن ڏيڻو پيو.

تيل قيمت

پيٽرول جي قيمت ۾ واڌ خلاف مختلف شهرن ۾ احتجاج ڪيو ويو.

پيٽرول جي قيمت ۾ واڌ خلاف مختلف شهرن ۾ احتجاج ڪيو ويو.

پيٽرول جي قيمت ۾ واڌ خلاف مختلف شهرن ۾ احتجاج ڪيو ويو.

قاري ثاني رحمت الله

قرآن خواني ۽ دعائيه تقريب منعقد ڪئي وئي.

قرآن خواني ۽ دعائيه تقريب منعقد ڪئي وئي.

قرآن خواني ۽ دعائيه تقريب منعقد ڪئي وئي.

الاڪيڊا سندرو نيات

تعليمي اداري ۾ سالياني تقريب ٿي.

تعليمي اداري ۾ سالياني تقريب ٿي.

تعليمي اداري ۾ سالياني تقريب ٿي.

سانگهڙ

ضلعي ۾ صحت مرڪزن جي حالت بهتر بڻائڻ جو مطالبو ڪيو ويو.

ضلعي ۾ صحت مرڪزن جي حالت بهتر بڻائڻ جو مطالبو ڪيو ويو.

ضلعي ۾ صحت مرڪزن جي حالت بهتر بڻائڻ جو مطالبو ڪيو ويو.

ڪنري لوٽ

ڌاڙيلن شاهراهه تي مسافرن کان نقدي ۽ موبائل فون ڦري ورتا.

ڌاڙيلن شاهراهه تي مسافرن کان نقدي ۽ موبائل فون ڦري ورتا.

ڌاڙيلن شاهراهه تي مسافرن کان نقدي ۽ موبائل فون ڦري ورتا.

بيڀهاري الڪسي

شهر ۾ ٽريفڪ جي مسئلي تي شهرين احتجاج ڪيو.

شهر ۾ ٽريفڪ جي مسئلي تي شهرين احتجاج ڪيو.

شهر ۾ ٽريفڪ جي مسئلي تي شهرين احتجاج ڪيو.

تنگواني محرمات

علائقي ۾ سماجي برائين خلاف آگاهي مهم هلائي وئي.

علائقي ۾ سماجي برائين خلاف آگاهي مهم هلائي وئي.

علائقي ۾ سماجي برائين خلاف آگاهي مهم هلائي وئي.

نواب شاهه

ڪسانن پاڻي جي کوٽ خلاف ريلي ڪڍي.

ڪسانن پاڻي جي کوٽ خلاف ريلي ڪڍي.

ڪسانن پاڻي جي کوٽ خلاف ريلي ڪڍي.

شر حيدرآباد

حيدرآباد ۾ صفائي مهم شروع ڪئي وئي آهي.

حيدرآباد ۾ صفائي مهم شروع ڪئي وئي آهي.

حيدرآباد ۾ صفائي مهم شروع ڪئي وئي آهي.

ميرپورخاص

ميرپورخاص ۾ نئين اسپتال جو افتتاح ڪيو ويو.

ميرپورخاص ۾ نئين اسپتال جو افتتاح ڪيو ويو.

ميرپورخاص ۾ نئين اسپتال جو افتتاح ڪيو ويو.
